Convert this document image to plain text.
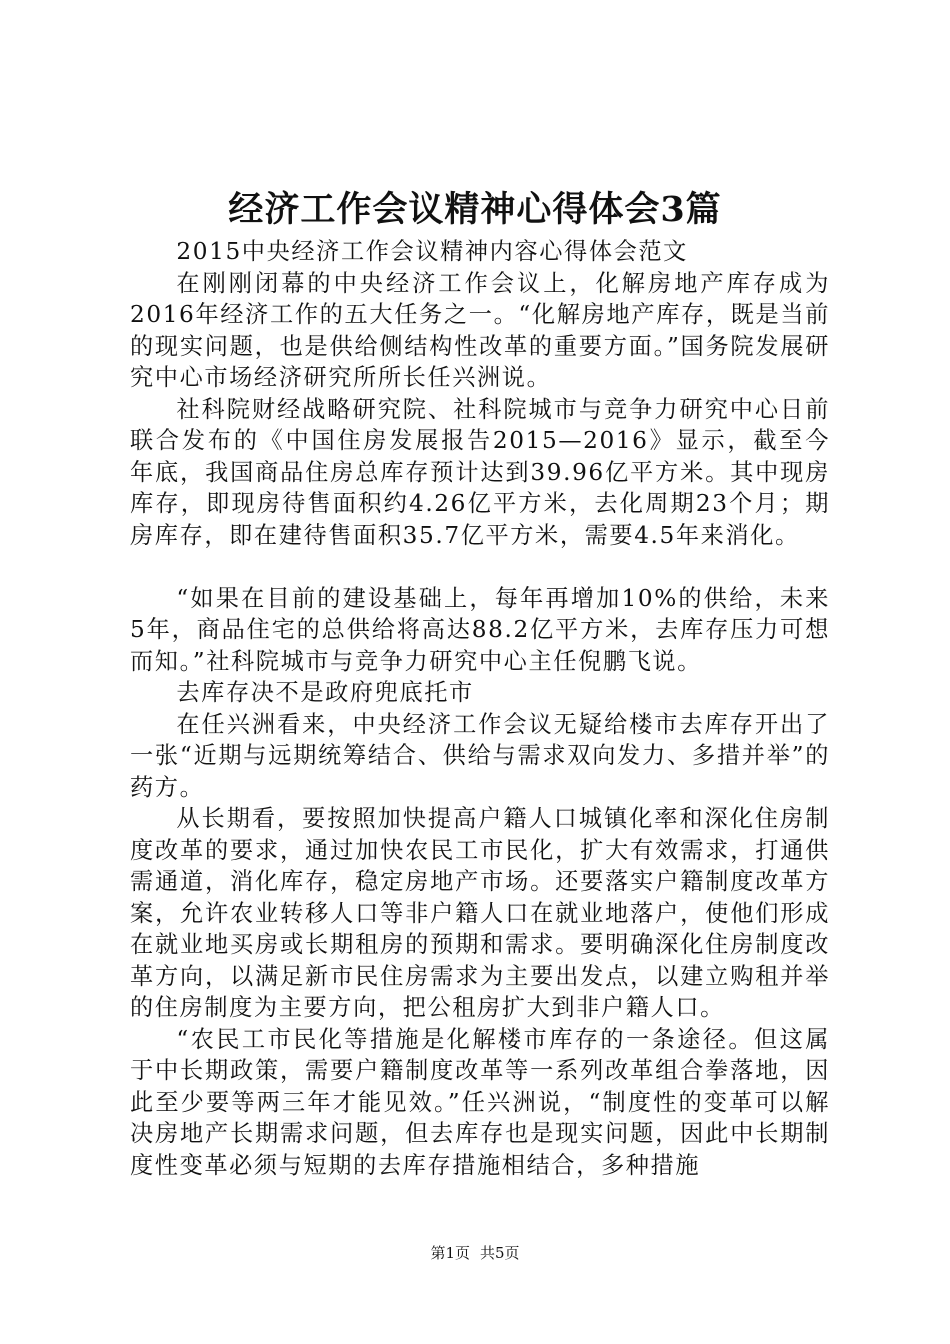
经济工作会议精神心得体会3篇

2015中央经济工作会议精神内容心得体会范文

在刚刚闭幕的中央经济工作会议上，化解房地产库存成为2016年经济工作的五大任务之一。“化解房地产库存，既是当前的现实问题，也是供给侧结构性改革的重要方面。”国务院发展研究中心市场经济研究所所长任兴洲说。

社科院财经战略研究院、社科院城市与竞争力研究中心日前联合发布的《中国住房发展报告2015—2016》显示，截至今年底，我国商品住房总库存预计达到39.96亿平方米。其中现房库存，即现房待售面积约4.26亿平方米，去化周期23个月；期房库存，即在建待售面积35.7亿平方米，需要4.5年来消化。

“如果在目前的建设基础上，每年再增加10%的供给，未来5年，商品住宅的总供给将高达88.2亿平方米，去库存压力可想而知。”社科院城市与竞争力研究中心主任倪鹏飞说。

去库存决不是政府兜底托市

在任兴洲看来，中央经济工作会议无疑给楼市去库存开出了一张“近期与远期统筹结合、供给与需求双向发力、多措并举”的药方。

从长期看，要按照加快提高户籍人口城镇化率和深化住房制度改革的要求，通过加快农民工市民化，扩大有效需求，打通供需通道，消化库存，稳定房地产市场。还要落实户籍制度改革方案，允许农业转移人口等非户籍人口在就业地落户，使他们形成在就业地买房或长期租房的预期和需求。要明确深化住房制度改革方向，以满足新市民住房需求为主要出发点，以建立购租并举的住房制度为主要方向，把公租房扩大到非户籍人口。

“农民工市民化等措施是化解楼市库存的一条途径。但这属于中长期政策，需要户籍制度改革等一系列改革组合拳落地，因此至少要等两三年才能见效。”任兴洲说，“制度性的变革可以解决房地产长期需求问题，但去库存也是现实问题，因此中长期制度性变革必须与短期的去库存措施相结合，多种措施

第1页 共5页
